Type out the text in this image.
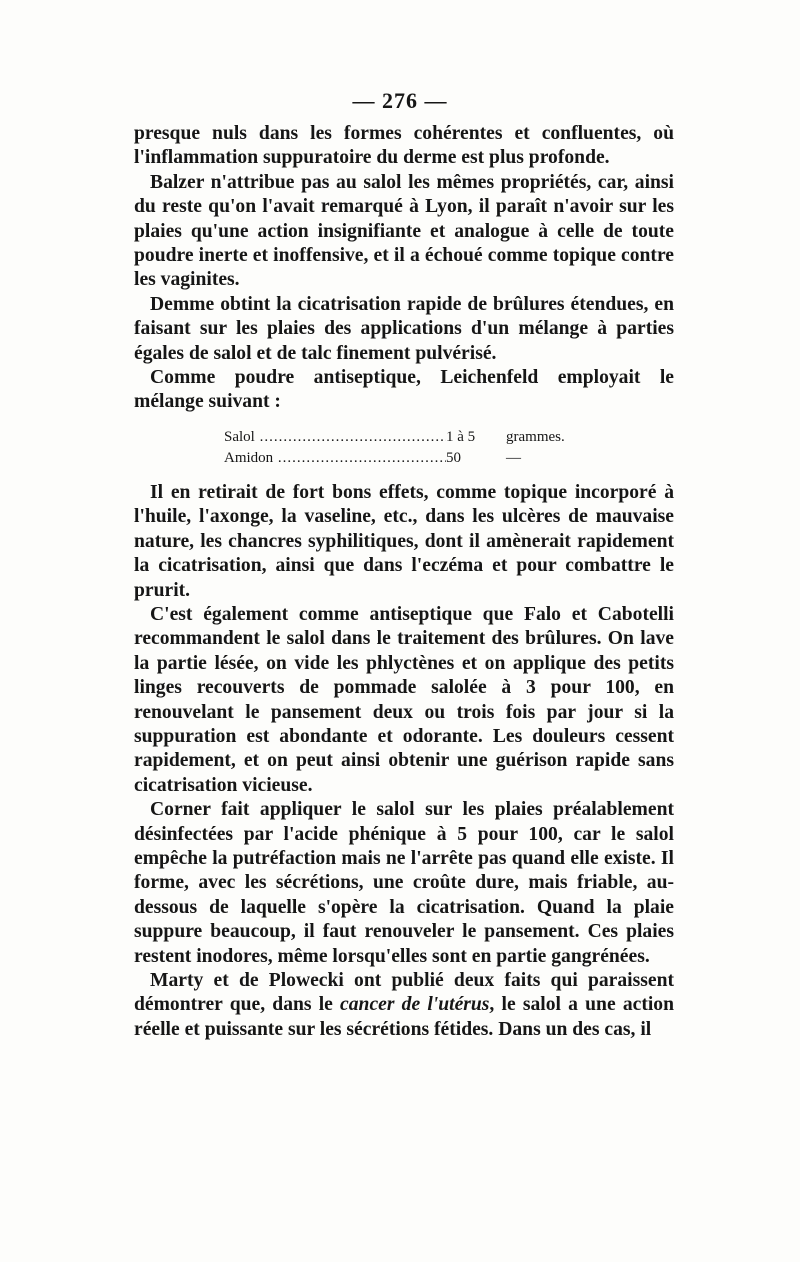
— 276 —

presque nuls dans les formes cohérentes et confluentes, où l'inflammation suppuratoire du derme est plus profonde.

Balzer n'attribue pas au salol les mêmes propriétés, car, ainsi du reste qu'on l'avait remarqué à Lyon, il paraît n'avoir sur les plaies qu'une action insignifiante et analogue à celle de toute poudre inerte et inoffensive, et il a échoué comme topique contre les vaginites.

Demme obtint la cicatrisation rapide de brûlures étendues, en faisant sur les plaies des applications d'un mélange à parties égales de salol et de talc finement pulvérisé.

Comme poudre antiseptique, Leichenfeld employait le mélange suivant :

Salol .....	1 à 5	grammes.
Amidon .....	50	—

Il en retirait de fort bons effets, comme topique incorporé à l'huile, l'axonge, la vaseline, etc., dans les ulcères de mauvaise nature, les chancres syphilitiques, dont il amènerait rapidement la cicatrisation, ainsi que dans l'eczéma et pour combattre le prurit.

C'est également comme antiseptique que Falo et Cabotelli recommandent le salol dans le traitement des brûlures. On lave la partie lésée, on vide les phlyctènes et on applique des petits linges recouverts de pommade salolée à 3 pour 100, en renouvelant le pansement deux ou trois fois par jour si la suppuration est abondante et odorante. Les douleurs cessent rapidement, et on peut ainsi obtenir une guérison rapide sans cicatrisation vicieuse.

Corner fait appliquer le salol sur les plaies préalablement désinfectées par l'acide phénique à 5 pour 100, car le salol empêche la putréfaction mais ne l'arrête pas quand elle existe. Il forme, avec les sécrétions, une croûte dure, mais friable, au-dessous de laquelle s'opère la cicatrisation. Quand la plaie suppure beaucoup, il faut renouveler le pansement. Ces plaies restent inodores, même lorsqu'elles sont en partie gangrénées.

Marty et de Plowecki ont publié deux faits qui paraissent démontrer que, dans le cancer de l'utérus, le salol a une action réelle et puissante sur les sécrétions fétides. Dans un des cas, il
